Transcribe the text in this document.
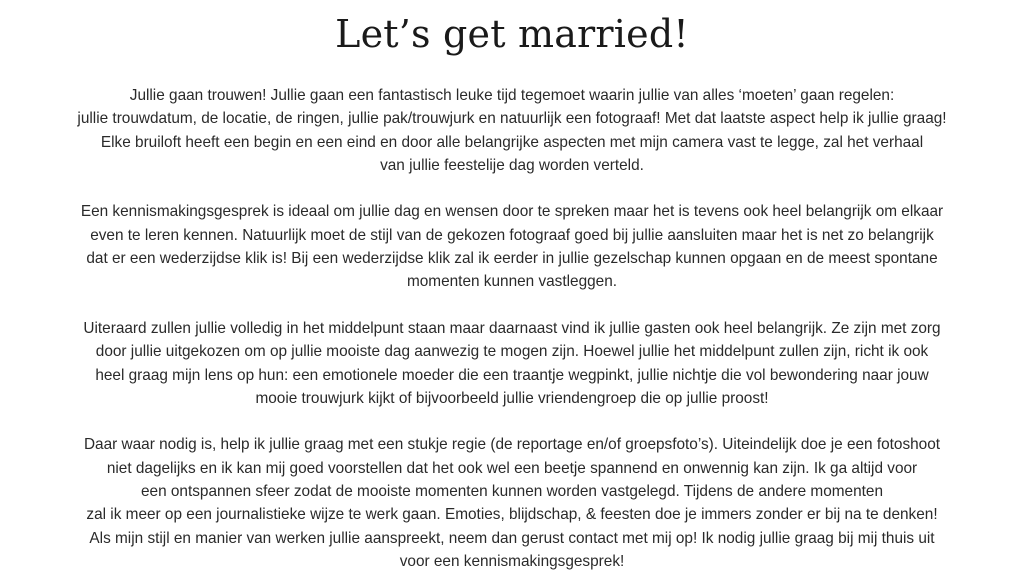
Let’s get married!

Jullie gaan trouwen! Jullie gaan een fantastisch leuke tijd tegemoet waarin jullie van alles ‘moeten’ gaan regelen:
jullie trouwdatum, de locatie, de ringen, jullie pak/trouwjurk en natuurlijk een fotograaf! Met dat laatste aspect help ik jullie graag!
Elke bruiloft heeft een begin en een eind en door alle belangrijke aspecten met mijn camera vast te legge, zal het verhaal
van jullie feestelije dag worden verteld.

Een kennismakingsgesprek is ideaal om jullie dag en wensen door te spreken maar het is tevens ook heel belangrijk om elkaar
even te leren kennen. Natuurlijk moet de stijl van de gekozen fotograaf goed bij jullie aansluiten maar het is net zo belangrijk
dat er een wederzijdse klik is! Bij een wederzijdse klik zal ik eerder in jullie gezelschap kunnen opgaan en de meest spontane
momenten kunnen vastleggen.

Uiteraard zullen jullie volledig in het middelpunt staan maar daarnaast vind ik jullie gasten ook heel belangrijk. Ze zijn met zorg
door jullie uitgekozen om op jullie mooiste dag aanwezig te mogen zijn. Hoewel jullie het middelpunt zullen zijn, richt ik ook
heel graag mijn lens op hun: een emotionele moeder die een traantje wegpinkt, jullie nichtje die vol bewondering naar jouw
mooie trouwjurk kijkt of bijvoorbeeld jullie vriendengroep die op jullie proost!

Daar waar nodig is, help ik jullie graag met een stukje regie (de reportage en/of groepsfoto’s). Uiteindelijk doe je een fotoshoot
niet dagelijks en ik kan mij goed voorstellen dat het ook wel een beetje spannend en onwennig kan zijn. Ik ga altijd voor
een ontspannen sfeer zodat de mooiste momenten kunnen worden vastgelegd. Tijdens de andere momenten
zal ik meer op een journalistieke wijze te werk gaan. Emoties, blijdschap, & feesten doe je immers zonder er bij na te denken!
Als mijn stijl en manier van werken jullie aanspreekt, neem dan gerust contact met mij op! Ik nodig jullie graag bij mij thuis uit
voor een kennismakingsgesprek!
